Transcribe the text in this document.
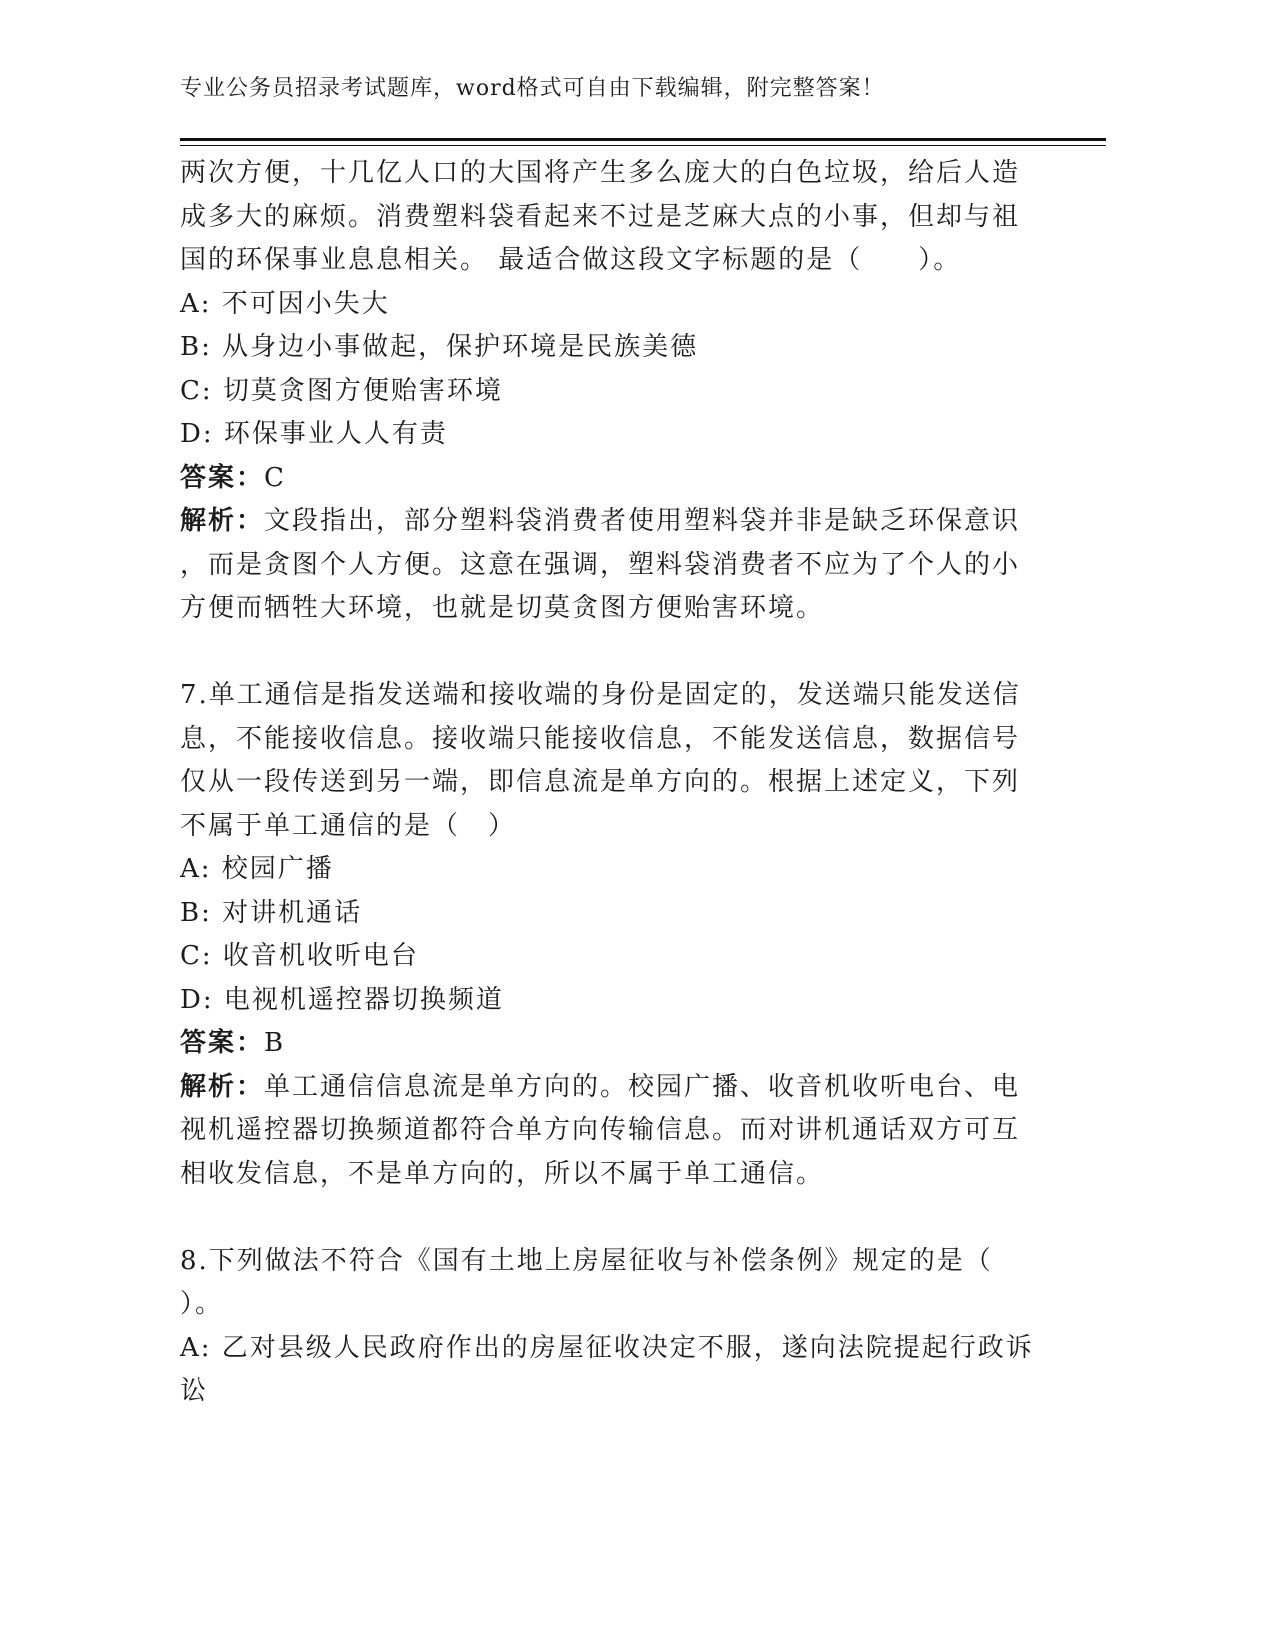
专业公务员招录考试题库，word格式可自由下载编辑，附完整答案！

两次方便，十几亿人口的大国将产生多么庞大的白色垃圾，给后人造

成多大的麻烦。消费塑料袋看起来不过是芝麻大点的小事，但却与祖

国的环保事业息息相关。 最适合做这段文字标题的是（　　）。

A: 不可因小失大

B: 从身边小事做起，保护环境是民族美德

C: 切莫贪图方便贻害环境

D: 环保事业人人有责

答案：C

解析：文段指出，部分塑料袋消费者使用塑料袋并非是缺乏环保意识

，而是贪图个人方便。这意在强调，塑料袋消费者不应为了个人的小

方便而牺牲大环境，也就是切莫贪图方便贻害环境。

7.单工通信是指发送端和接收端的身份是固定的，发送端只能发送信

息，不能接收信息。接收端只能接收信息，不能发送信息，数据信号

仅从一段传送到另一端，即信息流是单方向的。根据上述定义，下列

不属于单工通信的是（　）

A: 校园广播

B: 对讲机通话

C: 收音机收听电台

D: 电视机遥控器切换频道

答案：B

解析：单工通信信息流是单方向的。校园广播、收音机收听电台、电

视机遥控器切换频道都符合单方向传输信息。而对讲机通话双方可互

相收发信息，不是单方向的，所以不属于单工通信。

8.下列做法不符合《国有土地上房屋征收与补偿条例》规定的是（

）。

A: 乙对县级人民政府作出的房屋征收决定不服，遂向法院提起行政诉

讼
